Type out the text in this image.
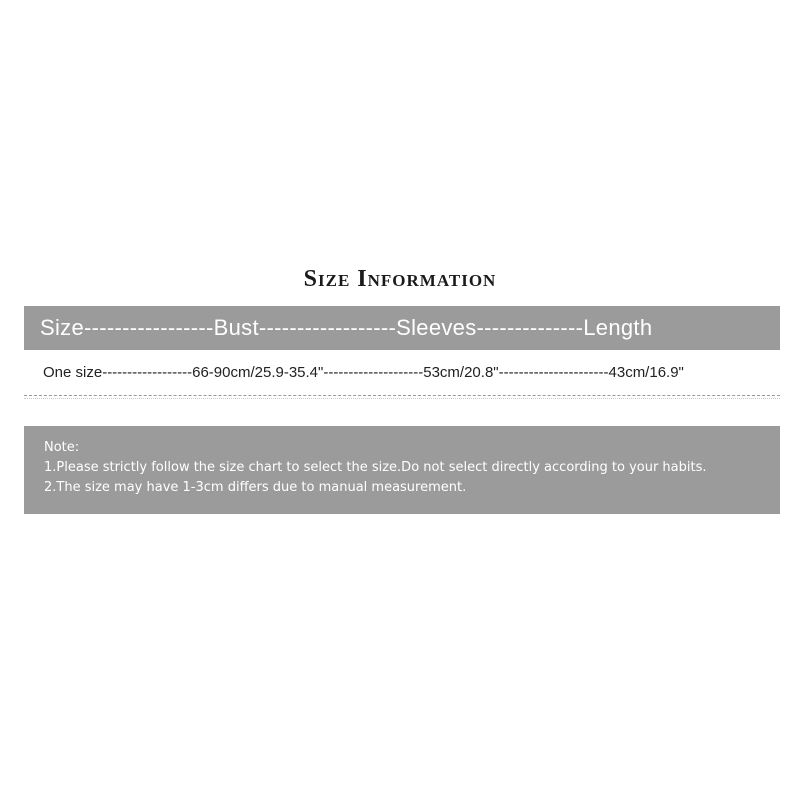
Size Information
Size-----------------Bust------------------Sleeves--------------Length
One size------------------66-90cm/25.9-35.4"--------------------53cm/20.8"----------------------43cm/16.9"
Note:
1.Please strictly follow the size chart to select the size.Do not select directly according to your habits.
2.The size may have 1-3cm differs due to manual measurement.
